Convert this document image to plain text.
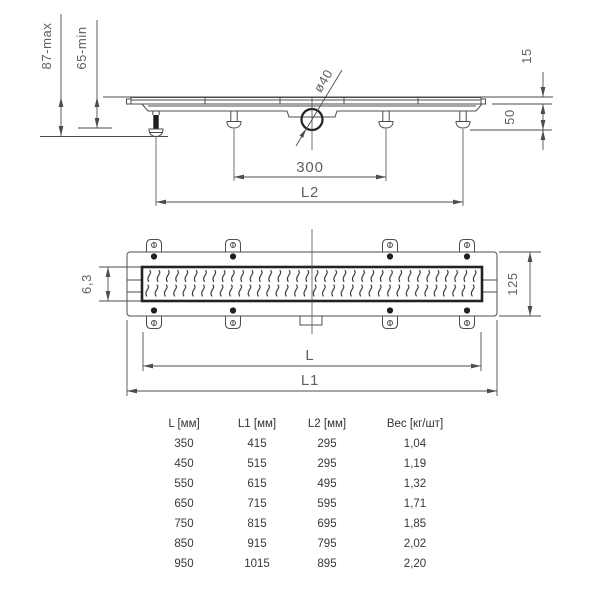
87-max 65-min
ø40
15
50
300
L2
6,3	125
L
L1
L [мм]	L1 [мм]	L2 [мм]	Вес [кг/шт]
350	415	295	1,04
450	515	295	1,19
550	615	495	1,32
650	715	595	1,71
750	815	695	1,85
850	915	795	2,02
950	1015	895	2,20
